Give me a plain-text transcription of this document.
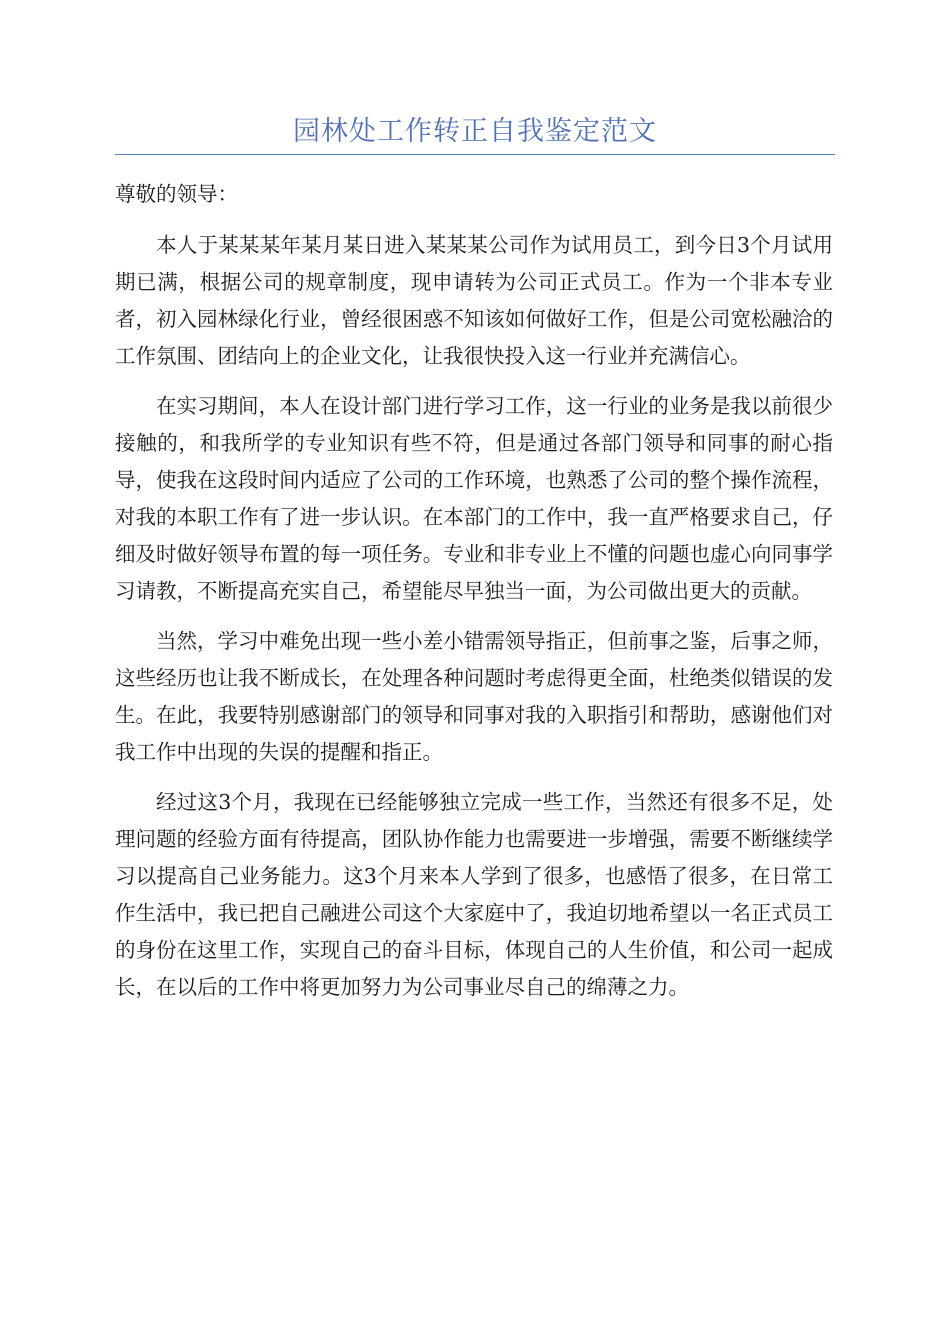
园林处工作转正自我鉴定范文

尊敬的领导：

本人于某某某年某月某日进入某某某公司作为试用员工，到今日3个月试用期已满，根据公司的规章制度，现申请转为公司正式员工。作为一个非本专业者，初入园林绿化行业，曾经很困惑不知该如何做好工作，但是公司宽松融洽的工作氛围、团结向上的企业文化，让我很快投入这一行业并充满信心。

在实习期间，本人在设计部门进行学习工作，这一行业的业务是我以前很少接触的，和我所学的专业知识有些不符，但是通过各部门领导和同事的耐心指导，使我在这段时间内适应了公司的工作环境，也熟悉了公司的整个操作流程，对我的本职工作有了进一步认识。在本部门的工作中，我一直严格要求自己，仔细及时做好领导布置的每一项任务。专业和非专业上不懂的问题也虚心向同事学习请教，不断提高充实自己，希望能尽早独当一面，为公司做出更大的贡献。

当然，学习中难免出现一些小差小错需领导指正，但前事之鉴，后事之师，这些经历也让我不断成长，在处理各种问题时考虑得更全面，杜绝类似错误的发生。在此，我要特别感谢部门的领导和同事对我的入职指引和帮助，感谢他们对我工作中出现的失误的提醒和指正。

经过这3个月，我现在已经能够独立完成一些工作，当然还有很多不足，处理问题的经验方面有待提高，团队协作能力也需要进一步增强，需要不断继续学习以提高自己业务能力。这3个月来本人学到了很多，也感悟了很多，在日常工作生活中，我已把自己融进公司这个大家庭中了，我迫切地希望以一名正式员工的身份在这里工作，实现自己的奋斗目标，体现自己的人生价值，和公司一起成长，在以后的工作中将更加努力为公司事业尽自己的绵薄之力。
